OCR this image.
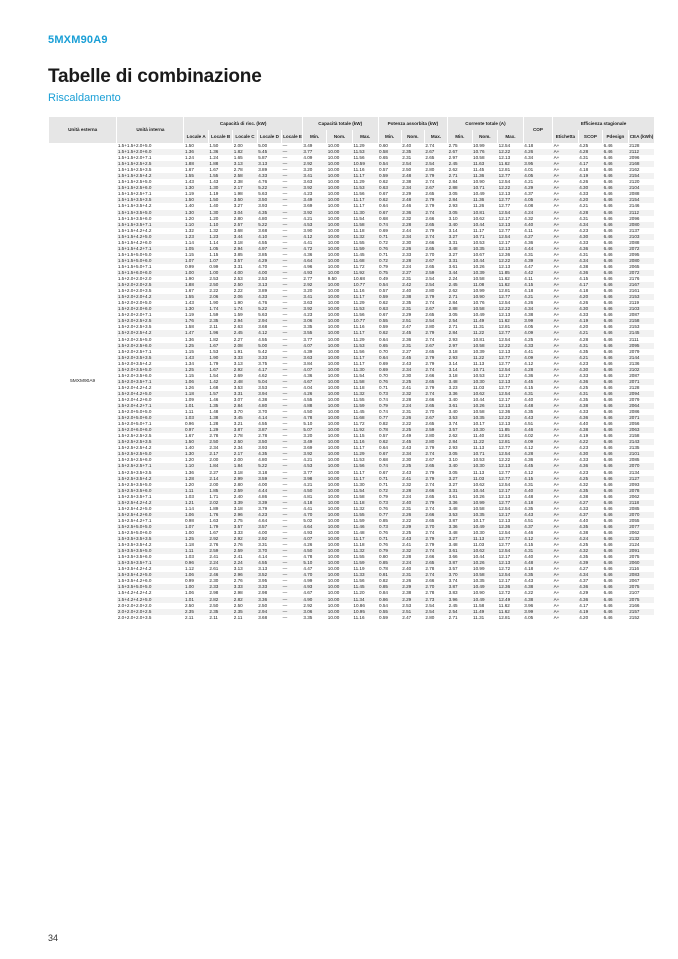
5MXM90A9
Tabelle di combinazione
Riscaldamento
Unità esterna	Unità interna	Capacità di risc. (kW)					Capacità totale (kW)			Potenza assorbita (kW)			Corrente totale (A)			COP	Efficienza stagionale			
		Locale A	Locale B	Locale C	Locale D	Locale E	Min.	Nom.	Max.	Min.	Nom.	Max.	Min.	Nom.	Max.		Etichetta	SCOP	Pdesign	CEA (kWh)
5MXM90A9	1.5+1.5+2.0+5.0	1.50	1.50	2.00	5.00	—	3.49	10.00	11.29	0.60	2.40	2.74	2.75	10.99	12.54	4.18	A+	4.25	6.46	2128
	1.5+1.5+2.0+6.0	1.36	1.36	1.82	5.45	—	3.77	10.00	11.53	0.58	2.35	2.67	2.67	10.76	12.22	4.26	A+	4.28	6.46	2112
	1.5+1.5+2.0+7.1	1.24	1.24	1.65	5.87	—	4.09	10.00	11.56	0.65	2.31	2.65	2.97	10.58	12.13	4.34	A+	4.31	6.46	2096
	1.5+1.5+2.5+2.5	1.88	1.88	3.13	3.13	—	2.92	10.00	10.59	0.54	2.54	2.54	2.45	11.63	11.62	3.95	A+	4.17	6.46	2168
	1.5+1.5+2.5+3.5	1.67	1.67	2.78	3.89	—	3.20	10.00	11.16	0.57	2.50	2.80	2.62	11.45	12.81	4.01	A+	4.18	6.46	2162
	1.5+1.5+2.5+4.2	1.55	1.55	2.58	4.33	—	3.41	10.00	11.17	0.59	2.48	2.79	2.71	11.36	12.77	4.05	A+	4.19	6.46	2154
	1.5+1.5+2.5+5.0	1.43	1.43	2.38	4.76	—	3.63	10.00	11.29	0.62	2.38	2.74	2.84	10.90	12.54	4.21	A+	4.26	6.46	2120
	1.5+1.5+2.5+6.0	1.30	1.30	2.17	5.22	—	3.92	10.00	11.53	0.63	2.34	2.67	2.88	10.71	12.22	4.29	A+	4.30	6.46	2104
	1.5+1.5+2.5+7.1	1.19	1.19	1.98	5.63	—	4.23	10.00	11.56	0.67	2.29	2.65	3.05	10.49	12.13	4.37	A+	4.33	6.46	2088
	1.5+1.5+3.5+3.5	1.50	1.50	3.50	3.50	—	3.49	10.00	11.17	0.62	2.48	2.79	2.84	11.36	12.77	4.05	A+	4.20	6.46	2154
	1.5+1.5+3.5+4.2	1.40	1.40	3.27	3.93	—	3.69	10.00	11.17	0.64	2.46	2.79	2.93	11.26	12.77	4.08	A+	4.21	6.46	2146
	1.5+1.5+3.5+5.0	1.30	1.30	3.04	4.35	—	3.92	10.00	11.30	0.67	2.36	2.74	3.05	10.81	12.54	4.24	A+	4.28	6.46	2112
	1.5+1.5+3.5+6.0	1.20	1.20	2.80	4.80	—	4.21	10.00	11.54	0.68	2.32	2.66	3.10	10.62	12.17	4.32	A+	4.31	6.46	2096
	1.5+1.5+3.5+7.1	1.10	1.10	2.57	5.22	—	4.53	10.00	11.58	0.74	2.28	2.65	3.40	10.44	12.13	4.40	A+	4.34	6.46	2080
	1.5+1.5+4.2+4.2	1.32	1.32	3.68	3.68	—	3.90	10.00	11.18	0.69	2.44	2.79	3.14	11.17	12.77	4.11	A+	4.23	6.46	2137
	1.5+1.5+4.2+5.0	1.23	1.23	3.44	4.10	—	4.12	10.00	11.32	0.71	2.34	2.74	3.27	10.71	12.54	4.27	A+	4.30	6.46	2103
	1.5+1.5+4.2+6.0	1.14	1.14	3.18	4.55	—	4.41	10.00	11.55	0.72	2.30	2.66	3.31	10.53	12.17	4.36	A+	4.33	6.46	2088
	1.5+1.5+4.2+7.1	1.05	1.05	2.94	4.97	—	4.72	10.00	11.59	0.76	2.26	2.65	3.48	10.35	12.13	4.44	A+	4.36	6.46	2072
	1.5+1.5+5.0+5.0	1.15	1.15	3.85	3.85	—	4.36	10.00	11.45	0.71	2.33	2.70	3.27	10.67	12.36	4.31	A+	4.31	6.46	2095
	1.5+1.5+5.0+6.0	1.07	1.07	3.57	4.29	—	4.64	10.00	11.68	0.72	2.28	2.67	3.31	10.44	12.22	4.39	A+	4.34	6.46	2080
	1.5+1.5+5.0+7.1	0.99	0.99	3.31	4.70	—	4.96	10.00	11.72	0.79	2.24	2.65	3.61	10.26	12.13	4.47	A+	4.38	6.46	2065
	1.5+1.5+6.0+6.0	1.00	1.00	4.00	4.00	—	4.93	10.00	11.92	0.75	2.27	2.59	3.44	10.39	11.85	4.42	A+	4.36	6.46	2072
	1.5+2.0+2.0+2.0	1.90	2.53	2.53	2.53	—	2.77	9.50	10.68	0.49	2.31	2.54	2.24	10.58	11.62	4.11	A+	4.15	6.46	2176
	1.5+2.0+2.0+2.5	1.88	2.50	2.50	3.13	—	2.92	10.00	10.77	0.54	2.42	2.54	2.45	11.08	11.62	4.15	A+	4.17	6.46	2167
	1.5+2.0+2.0+3.5	1.67	2.22	2.22	3.89	—	3.20	10.00	11.16	0.57	2.40	2.80	2.62	10.99	12.81	4.18	A+	4.18	6.46	2161
	1.5+2.0+2.0+4.2	1.55	2.06	2.06	4.33	—	3.41	10.00	11.17	0.59	2.38	2.79	2.71	10.90	12.77	4.21	A+	4.20	6.46	2153
	1.5+2.0+2.0+5.0	1.43	1.90	1.90	4.76	—	3.63	10.00	11.29	0.62	2.35	2.74	2.84	10.76	12.54	4.26	A+	4.26	6.46	2119
	1.5+2.0+2.0+6.0	1.30	1.74	1.74	5.22	—	3.92	10.00	11.53	0.63	2.31	2.67	2.88	10.58	12.22	4.34	A+	4.30	6.46	2103
	1.5+2.0+2.0+7.1	1.19	1.59	1.59	5.63	—	4.23	10.00	11.56	0.67	2.29	2.65	3.05	10.49	12.13	4.38	A+	4.33	6.46	2087
	1.5+2.0+2.5+2.5	1.76	2.35	2.94	2.94	—	3.06	10.00	10.77	0.55	2.51	2.54	2.54	11.49	11.62	3.99	A+	4.19	6.46	2158
	1.5+2.0+2.5+3.5	1.58	2.11	2.63	3.68	—	3.35	10.00	11.16	0.59	2.47	2.80	2.71	11.31	12.81	4.05	A+	4.20	6.46	2153
	1.5+2.0+2.5+4.2	1.47	1.96	2.45	4.12	—	3.55	10.00	11.17	0.62	2.45	2.79	2.84	11.22	12.77	4.09	A+	4.21	6.46	2145
	1.5+2.0+2.5+5.0	1.36	1.82	2.27	4.55	—	3.77	10.00	11.29	0.64	2.36	2.74	2.93	10.81	12.54	4.25	A+	4.28	6.46	2111
	1.5+2.0+2.5+6.0	1.25	1.67	2.08	5.00	—	4.07	10.00	11.53	0.65	2.31	2.67	2.97	10.58	12.22	4.33	A+	4.31	6.46	2095
	1.5+2.0+2.5+7.1	1.15	1.53	1.91	5.42	—	4.39	10.00	11.56	0.70	2.27	2.65	3.18	10.39	12.13	4.41	A+	4.35	6.46	2079
	1.5+2.0+3.5+3.5	1.43	1.90	3.33	3.33	—	3.63	10.00	11.17	0.64	2.45	2.79	2.93	11.22	12.77	4.09	A+	4.21	6.46	2144
	1.5+2.0+3.5+4.2	1.34	1.79	3.13	3.75	—	3.84	10.00	11.17	0.69	2.43	2.79	3.14	11.13	12.77	4.12	A+	4.23	6.46	2136
	1.5+2.0+3.5+5.0	1.25	1.67	2.92	4.17	—	4.07	10.00	11.30	0.69	2.34	2.74	3.14	10.71	12.54	4.28	A+	4.30	6.46	2102
	1.5+2.0+3.5+6.0	1.15	1.54	2.69	4.62	—	4.36	10.00	11.54	0.70	2.30	2.66	3.18	10.53	12.17	4.36	A+	4.33	6.46	2087
	1.5+2.0+3.5+7.1	1.06	1.42	2.48	5.04	—	4.67	10.00	11.58	0.76	2.25	2.65	3.48	10.30	12.13	4.45	A+	4.36	6.46	2071
	1.5+2.0+4.2+4.2	1.26	1.68	3.53	3.53	—	4.04	10.00	11.18	0.71	2.41	2.79	3.23	11.03	12.77	4.15	A+	4.25	6.46	2128
	1.5+2.0+4.2+5.0	1.18	1.57	3.31	3.94	—	4.26	10.00	11.32	0.73	2.32	2.74	3.36	10.62	12.54	4.31	A+	4.31	6.46	2094
	1.5+2.0+4.2+6.0	1.09	1.46	3.07	4.38	—	4.55	10.00	11.55	0.74	2.28	2.66	3.40	10.44	12.17	4.40	A+	4.35	6.46	2079
	1.5+2.0+4.2+7.1	1.01	1.35	2.84	4.80	—	4.88	10.00	11.59	0.79	2.24	2.65	3.61	10.26	12.13	4.48	A+	4.38	6.46	2064
	1.5+2.0+5.0+5.0	1.11	1.48	3.70	3.70	—	4.50	10.00	11.45	0.74	2.31	2.70	3.40	10.58	12.36	4.35	A+	4.33	6.46	2086
	1.5+2.0+5.0+6.0	1.03	1.38	3.45	4.14	—	4.78	10.00	11.68	0.77	2.26	2.67	3.53	10.35	12.22	4.43	A+	4.36	6.46	2071
	1.5+2.0+5.0+7.1	0.96	1.28	3.21	4.55	—	5.10	10.00	11.72	0.82	2.22	2.65	3.74	10.17	12.13	4.51	A+	4.40	6.46	2056
	1.5+2.0+6.0+6.0	0.97	1.29	3.87	3.87	—	5.07	10.00	11.92	0.78	2.25	2.59	3.57	10.30	11.85	4.46	A+	4.38	6.46	2063
	1.5+2.5+2.5+2.5	1.67	2.78	2.78	2.78	—	3.20	10.00	11.15	0.57	2.49	2.80	2.62	11.40	12.81	4.02	A+	4.19	6.46	2158
	1.5+2.5+2.5+3.5	1.50	2.50	2.50	3.50	—	3.49	10.00	11.16	0.62	2.45	2.80	2.84	11.22	12.81	4.09	A+	4.22	6.46	2143
	1.5+2.5+2.5+4.2	1.40	2.34	2.34	3.93	—	3.69	10.00	11.17	0.64	2.43	2.79	2.93	11.13	12.77	4.12	A+	4.23	6.46	2135
	1.5+2.5+2.5+5.0	1.30	2.17	2.17	4.35	—	3.92	10.00	11.29	0.67	2.34	2.74	3.05	10.71	12.54	4.28	A+	4.30	6.46	2101
	1.5+2.5+2.5+6.0	1.20	2.00	2.00	4.80	—	4.21	10.00	11.53	0.68	2.30	2.67	3.10	10.53	12.22	4.36	A+	4.33	6.46	2085
	1.5+2.5+2.5+7.1	1.10	1.84	1.84	5.22	—	4.53	10.00	11.56	0.74	2.25	2.65	3.40	10.30	12.13	4.45	A+	4.36	6.46	2070
	1.5+2.5+3.5+3.5	1.36	2.27	3.18	3.18	—	3.77	10.00	11.17	0.67	2.43	2.79	3.05	11.13	12.77	4.12	A+	4.23	6.46	2134
	1.5+2.5+3.5+4.2	1.28	2.14	2.99	3.59	—	3.98	10.00	11.17	0.71	2.41	2.79	3.27	11.03	12.77	4.15	A+	4.25	6.46	2127
	1.5+2.5+3.5+5.0	1.20	2.00	2.80	4.00	—	4.21	10.00	11.30	0.71	2.32	2.74	3.27	10.62	12.54	4.31	A+	4.32	6.46	2093
	1.5+2.5+3.5+6.0	1.11	1.85	2.59	4.44	—	4.50	10.00	11.54	0.72	2.28	2.66	3.31	10.44	12.17	4.40	A+	4.35	6.46	2078
	1.5+2.5+3.5+7.1	1.03	1.71	2.40	4.86	—	4.81	10.00	11.58	0.79	2.24	2.65	3.61	10.26	12.13	4.48	A+	4.38	6.46	2062
	1.5+2.5+4.2+4.2	1.21	2.02	3.39	3.39	—	4.18	10.00	11.18	0.73	2.40	2.79	3.36	10.99	12.77	4.18	A+	4.27	6.46	2118
	1.5+2.5+4.2+5.0	1.14	1.89	3.18	3.79	—	4.41	10.00	11.32	0.76	2.31	2.74	3.48	10.58	12.54	4.35	A+	4.33	6.46	2085
	1.5+2.5+4.2+6.0	1.06	1.76	2.96	4.23	—	4.70	10.00	11.55	0.77	2.26	2.66	3.53	10.35	12.17	4.43	A+	4.37	6.46	2070
	1.5+2.5+4.2+7.1	0.98	1.63	2.75	4.64	—	5.02	10.00	11.59	0.85	2.22	2.65	3.87	10.17	12.13	4.51	A+	4.40	6.46	2055
	1.5+2.5+5.0+5.0	1.07	1.79	3.57	3.57	—	4.64	10.00	11.46	0.73	2.29	2.70	3.36	10.49	12.36	4.37	A+	4.35	6.46	2077
	1.5+2.5+5.0+6.0	1.00	1.67	3.33	4.00	—	4.93	10.00	11.48	0.76	2.25	2.74	3.48	10.30	12.54	4.46	A+	4.38	6.46	2062
	1.5+3.5+3.5+3.5	1.25	2.92	2.92	2.92	—	4.07	10.00	11.17	0.71	2.43	2.79	3.27	11.13	12.77	4.12	A+	4.24	6.46	2132
	1.5+3.5+3.5+4.2	1.18	2.76	2.76	3.31	—	4.26	10.00	11.18	0.76	2.41	2.79	3.48	11.03	12.77	4.15	A+	4.25	6.46	2124
	1.5+3.5+3.5+5.0	1.11	2.59	2.59	3.70	—	4.50	10.00	11.32	0.79	2.32	2.74	3.61	10.62	12.54	4.31	A+	4.32	6.46	2091
	1.5+3.5+3.5+6.0	1.03	2.41	2.41	4.14	—	4.78	10.00	11.55	0.80	2.28	2.66	3.66	10.44	12.17	4.40	A+	4.35	6.46	2075
	1.5+3.5+3.5+7.1	0.96	2.24	2.24	4.55	—	5.10	10.00	11.59	0.85	2.24	2.65	3.87	10.26	12.13	4.48	A+	4.39	6.46	2060
	1.5+3.5+4.2+4.2	1.12	2.61	3.13	3.13	—	4.47	10.00	11.19	0.78	2.40	2.78	3.57	10.99	12.72	4.18	A+	4.27	6.46	2116
	1.5+3.5+4.2+5.0	1.06	2.46	2.96	3.52	—	4.70	10.00	11.33	0.81	2.31	2.74	3.70	10.58	12.54	4.35	A+	4.34	6.46	2083
	1.5+3.5+4.2+6.0	0.99	2.30	2.76	3.95	—	4.99	10.00	11.56	0.82	2.26	2.66	3.74	10.35	12.17	4.43	A+	4.37	6.46	2067
	1.5+3.5+5.0+5.0	1.00	2.33	3.33	3.33	—	4.93	10.00	11.45	0.85	2.29	2.70	3.87	10.49	12.36	4.38	A+	4.36	6.46	2075
	1.5+4.2+4.2+4.2	1.06	2.98	2.98	2.98	—	4.67	10.00	11.20	0.84	2.38	2.78	3.83	10.90	12.72	4.22	A+	4.29	6.46	2107
	1.5+4.2+4.2+5.0	1.01	2.82	2.82	3.36	—	4.90	10.00	11.34	0.86	2.29	2.73	3.96	10.49	12.49	4.38	A+	4.36	6.46	2075
	2.0+2.0+2.0+2.0	2.50	2.50	2.50	2.50	—	2.92	10.00	10.86	0.54	2.53	2.54	2.45	11.58	11.62	3.96	A+	4.17	6.46	2166
	2.0+2.0+2.0+2.5	2.35	2.35	2.35	2.94	—	3.06	10.00	10.95	0.55	2.51	2.54	2.54	11.49	11.62	3.99	A+	4.19	6.46	2157
	2.0+2.0+2.0+3.5	2.11	2.11	2.11	3.68	—	3.35	10.00	11.16	0.59	2.47	2.80	2.71	11.31	12.81	4.05	A+	4.20	6.46	2152
34
